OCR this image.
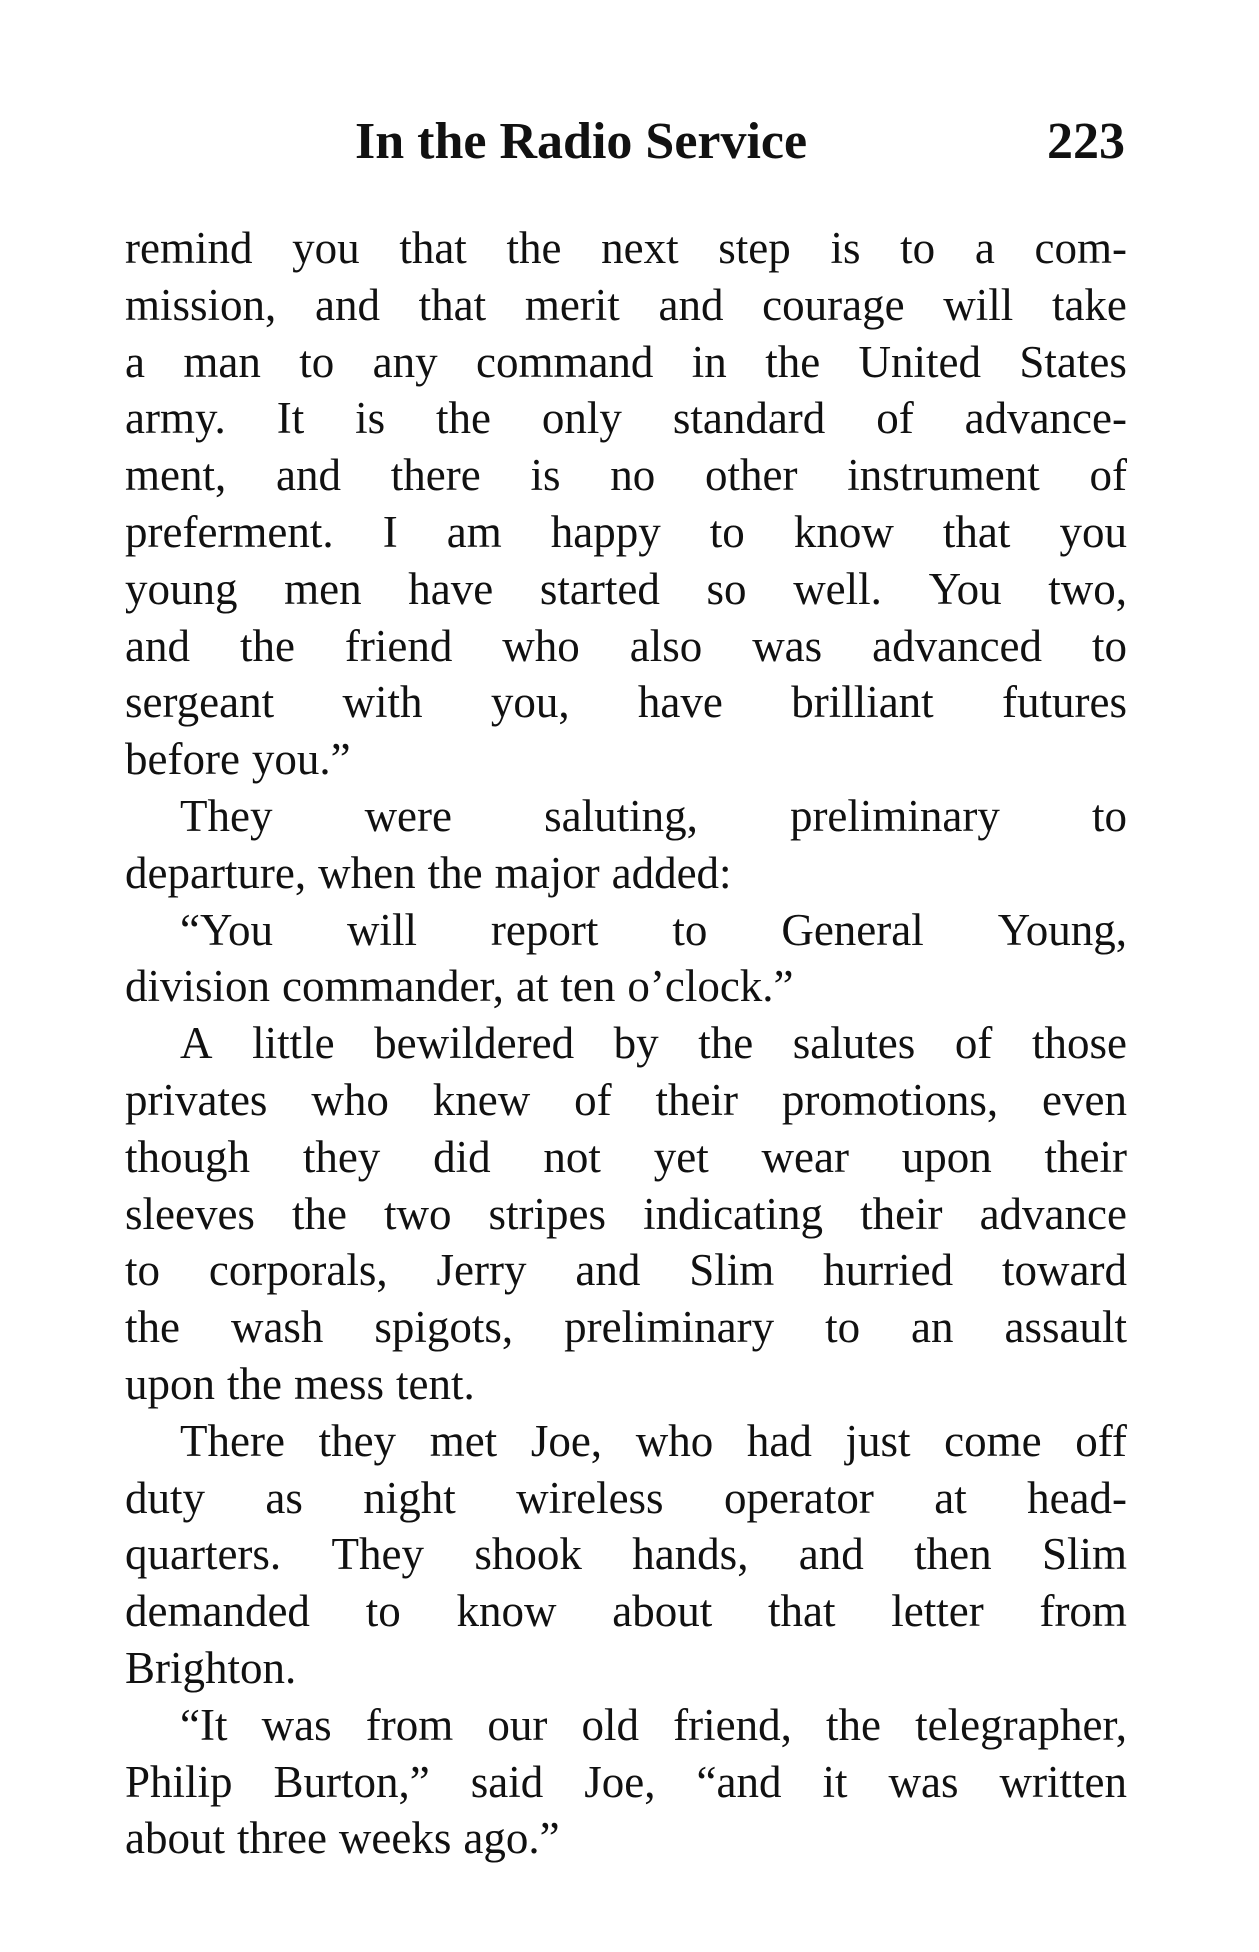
In the Radio Service	223
remind you that the next step is to a com-
mission, and that merit and courage will take
a man to any command in the United States
army. It is the only standard of advance-
ment, and there is no other instrument of
preferment. I am happy to know that you
young men have started so well. You two,
and the friend who also was advanced to
sergeant with you, have brilliant futures
before you.”
They were saluting, preliminary to
departure, when the major added:
“You will report to General Young,
division commander, at ten o’clock.”
A little bewildered by the salutes of those
privates who knew of their promotions, even
though they did not yet wear upon their
sleeves the two stripes indicating their advance
to corporals, Jerry and Slim hurried toward
the wash spigots, preliminary to an assault
upon the mess tent.
There they met Joe, who had just come off
duty as night wireless operator at head-
quarters. They shook hands, and then Slim
demanded to know about that letter from
Brighton.
“It was from our old friend, the telegrapher,
Philip Burton,” said Joe, “and it was written
about three weeks ago.”
